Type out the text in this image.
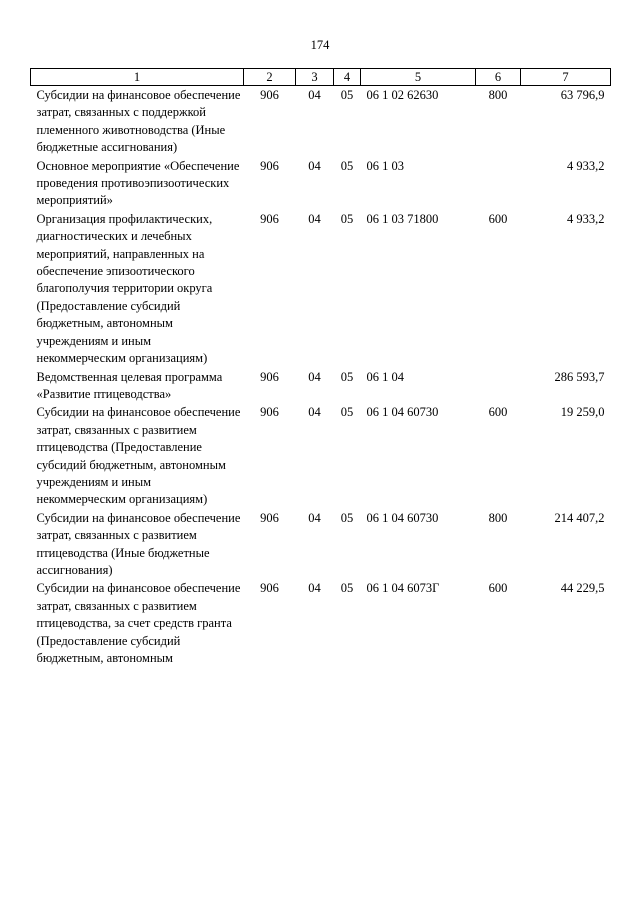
174
1	2	3	4	5	6	7
Субсидии на финансовое обеспечение затрат, связанных с поддержкой племенного животноводства (Иные бюджетные ассигнования)	906	04	05	06 1 02 62630	800	63 796,9
Основное мероприятие «Обеспечение проведения противоэпизоотических мероприятий»	906	04	05	06 1 03		4 933,2
Организация профилактических, диагностических и лечебных мероприятий, направленных на обеспечение эпизоотического благополучия территории округа (Предоставление субсидий бюджетным, автономным учреждениям и иным некоммерческим организациям)	906	04	05	06 1 03 71800	600	4 933,2
Ведомственная целевая программа «Развитие птицеводства»	906	04	05	06 1 04		286 593,7
Субсидии на финансовое обеспечение затрат, связанных с развитием птицеводства (Предоставление субсидий бюджетным, автономным учреждениям и иным некоммерческим организациям)	906	04	05	06 1 04 60730	600	19 259,0
Субсидии на финансовое обеспечение затрат, связанных с развитием птицеводства (Иные бюджетные ассигнования)	906	04	05	06 1 04 60730	800	214 407,2
Субсидии на финансовое обеспечение затрат, связанных с развитием птицеводства, за счет средств гранта (Предоставление субсидий бюджетным, автономным	906	04	05	06 1 04 6073Г	600	44 229,5
